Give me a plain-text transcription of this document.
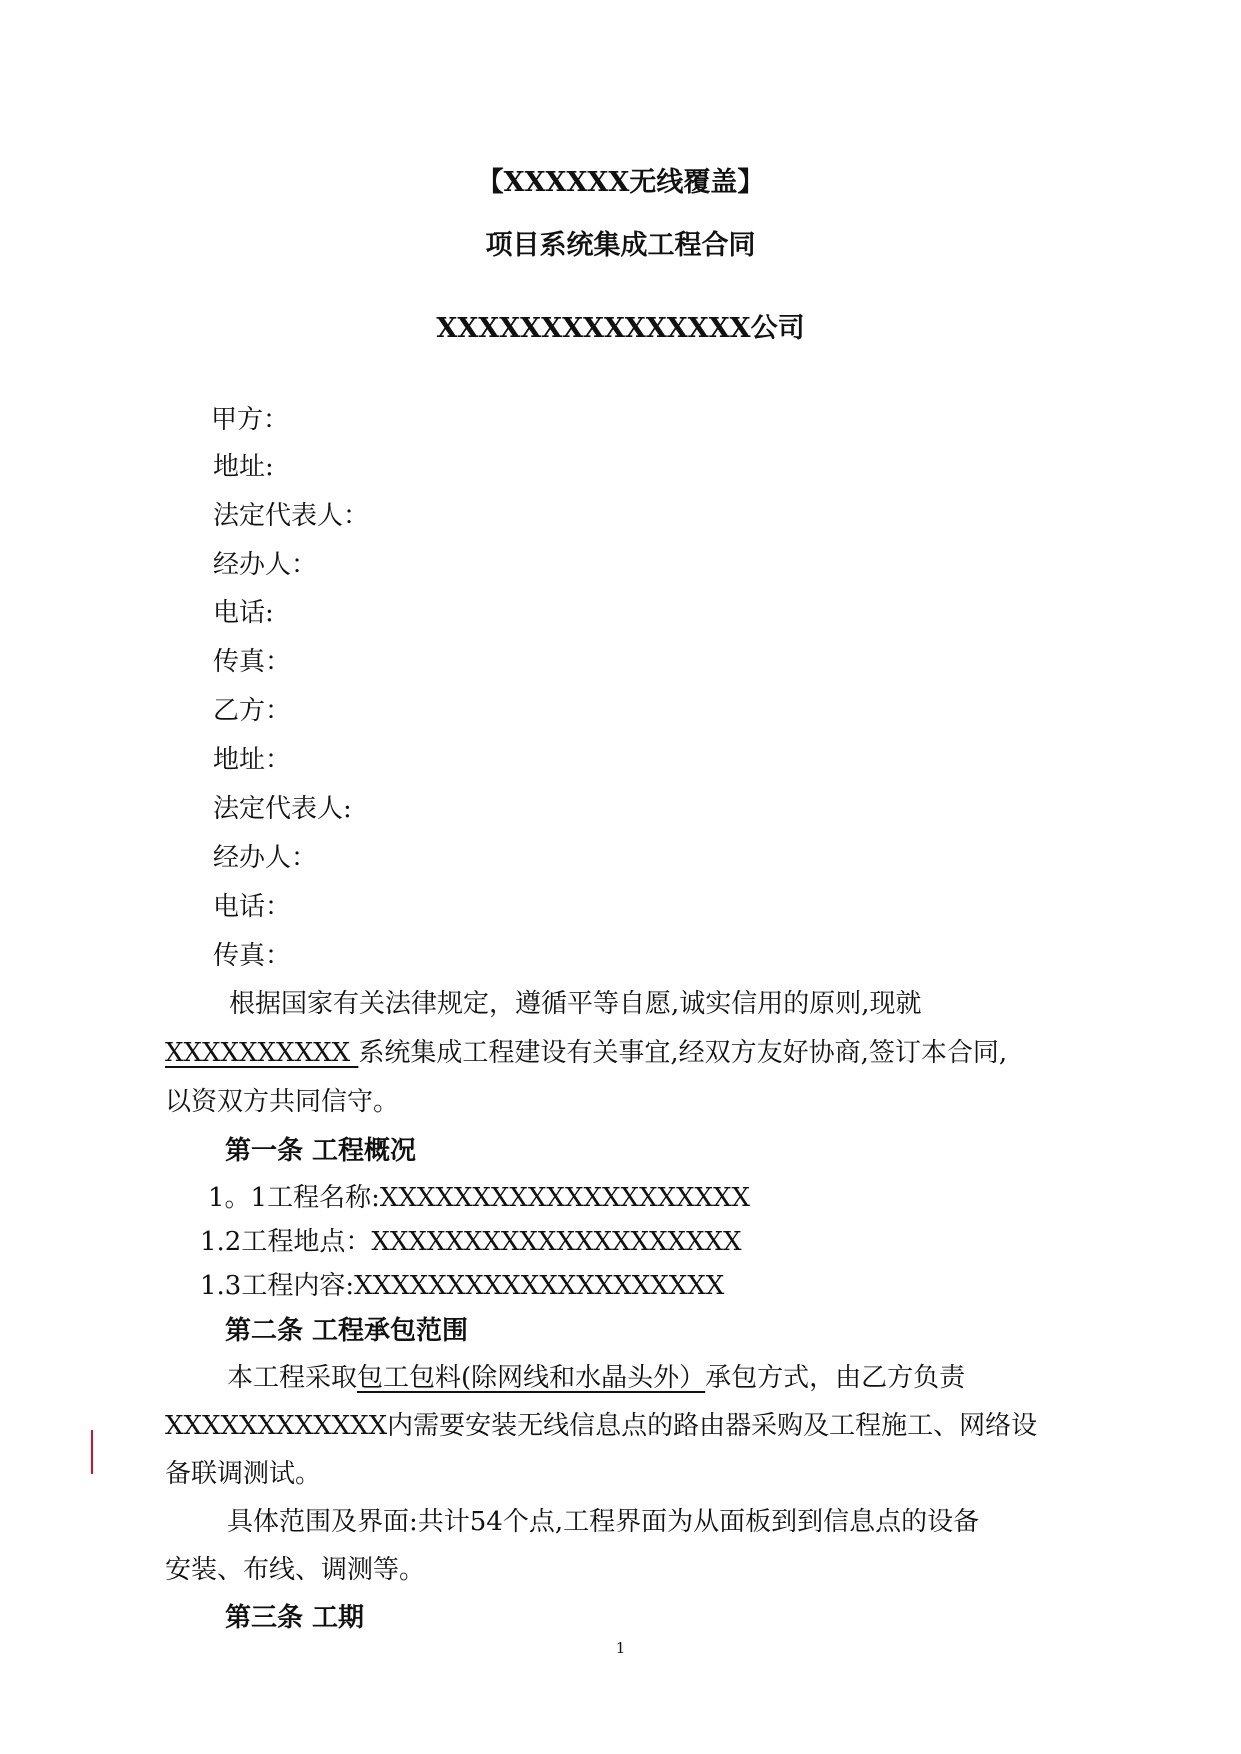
【XXXXXX无线覆盖】
项目系统集成工程合同
XXXXXXXXXXXXXXX公司
甲方：
地址:
法定代表人：
经办人：
电话:
传真：
乙方：
地址：
法定代表人:
经办人：
电话：
传真：
根据国家有关法律规定，遵循平等自愿,诚实信用的原则,现就
XXXXXXXXXX 系统集成工程建设有关事宜,经双方友好协商,签订本合同,
以资双方共同信守。
第一条 工程概况
1。1工程名称:XXXXXXXXXXXXXXXXXXXX
1.2工程地点：XXXXXXXXXXXXXXXXXXXX
1.3工程内容:XXXXXXXXXXXXXXXXXXXX
第二条 工程承包范围
本工程采取包工包料(除网线和水晶头外）承包方式，由乙方负责
XXXXXXXXXXXX内需要安装无线信息点的路由器采购及工程施工、网络设
备联调测试。
具体范围及界面:共计54个点,工程界面为从面板到到信息点的设备
安装、布线、调测等。
第三条 工期
1
